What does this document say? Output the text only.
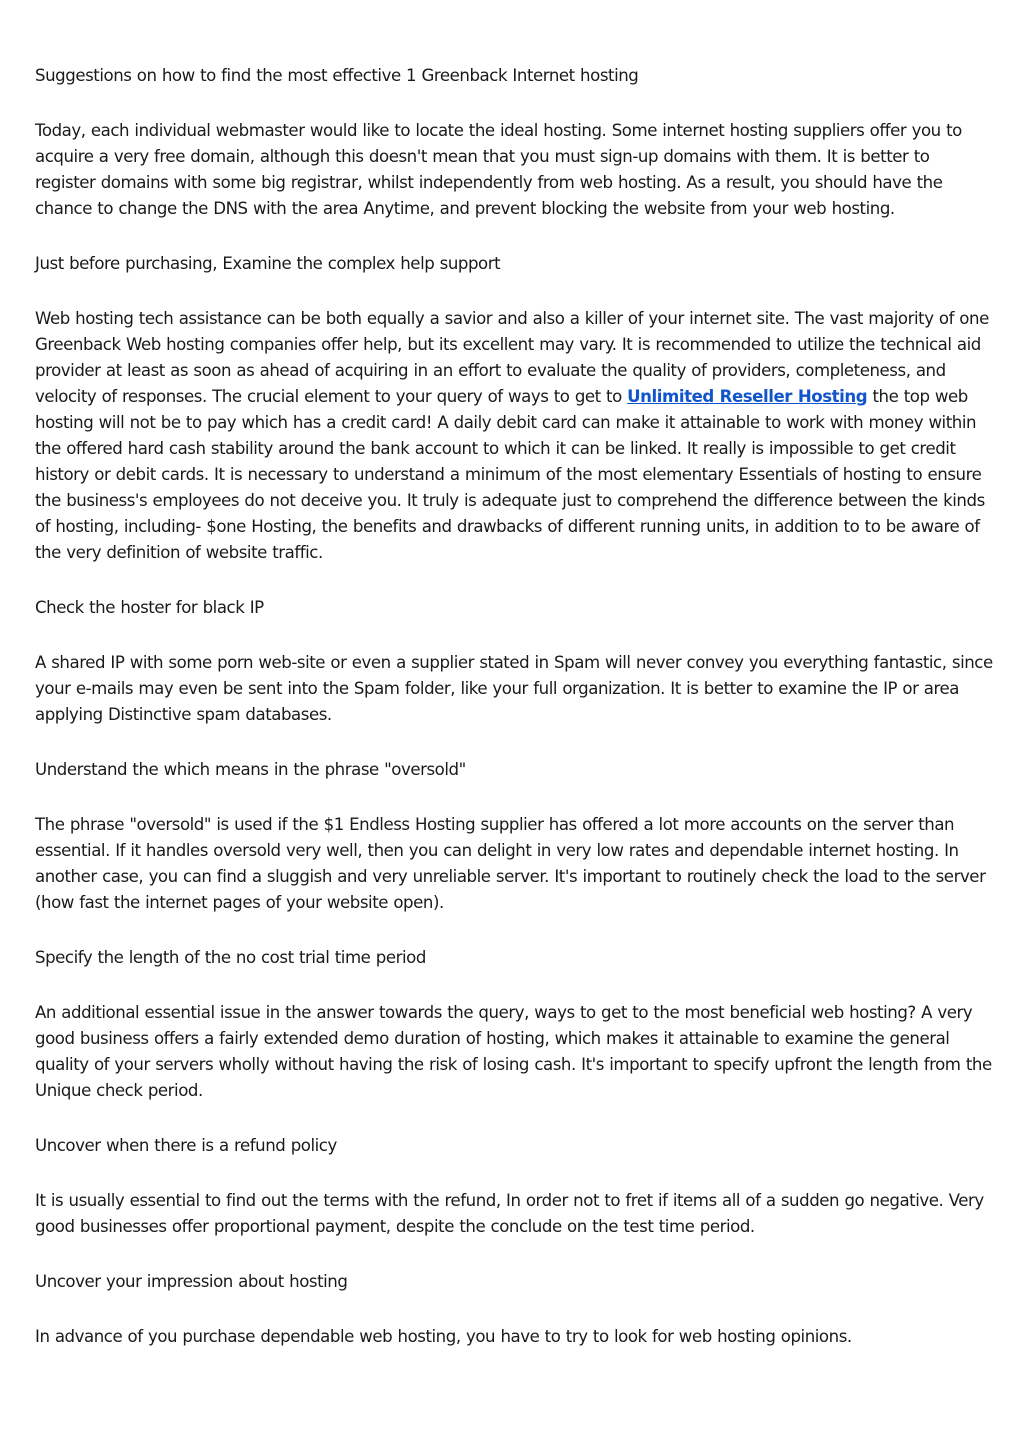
Suggestions on how to find the most effective 1 Greenback Internet hosting

Today, each individual webmaster would like to locate the ideal hosting. Some internet hosting suppliers offer you to acquire a very free domain, although this doesn't mean that you must sign-up domains with them. It is better to register domains with some big registrar, whilst independently from web hosting. As a result, you should have the chance to change the DNS with the area Anytime, and prevent blocking the website from your web hosting.

Just before purchasing, Examine the complex help support

Web hosting tech assistance can be both equally a savior and also a killer of your internet site. The vast majority of one Greenback Web hosting companies offer help, but its excellent may vary. It is recommended to utilize the technical aid provider at least as soon as ahead of acquiring in an effort to evaluate the quality of providers, completeness, and velocity of responses. The crucial element to your query of ways to get to Unlimited Reseller Hosting the top web hosting will not be to pay which has a credit card! A daily debit card can make it attainable to work with money within the offered hard cash stability around the bank account to which it can be linked. It really is impossible to get credit history or debit cards. It is necessary to understand a minimum of the most elementary Essentials of hosting to ensure the business's employees do not deceive you. It truly is adequate just to comprehend the difference between the kinds of hosting, including- $one Hosting, the benefits and drawbacks of different running units, in addition to to be aware of the very definition of website traffic.

Check the hoster for black IP

A shared IP with some porn web-site or even a supplier stated in Spam will never convey you everything fantastic, since your e-mails may even be sent into the Spam folder, like your full organization. It is better to examine the IP or area applying Distinctive spam databases.

Understand the which means in the phrase "oversold"

The phrase "oversold" is used if the $1 Endless Hosting supplier has offered a lot more accounts on the server than essential. If it handles oversold very well, then you can delight in very low rates and dependable internet hosting. In another case, you can find a sluggish and very unreliable server. It's important to routinely check the load to the server (how fast the internet pages of your website open).

Specify the length of the no cost trial time period

An additional essential issue in the answer towards the query, ways to get to the most beneficial web hosting? A very good business offers a fairly extended demo duration of hosting, which makes it attainable to examine the general quality of your servers wholly without having the risk of losing cash. It's important to specify upfront the length from the Unique check period.

Uncover when there is a refund policy

It is usually essential to find out the terms with the refund, In order not to fret if items all of a sudden go negative. Very good businesses offer proportional payment, despite the conclude on the test time period.

Uncover your impression about hosting

In advance of you purchase dependable web hosting, you have to try to look for web hosting opinions.
